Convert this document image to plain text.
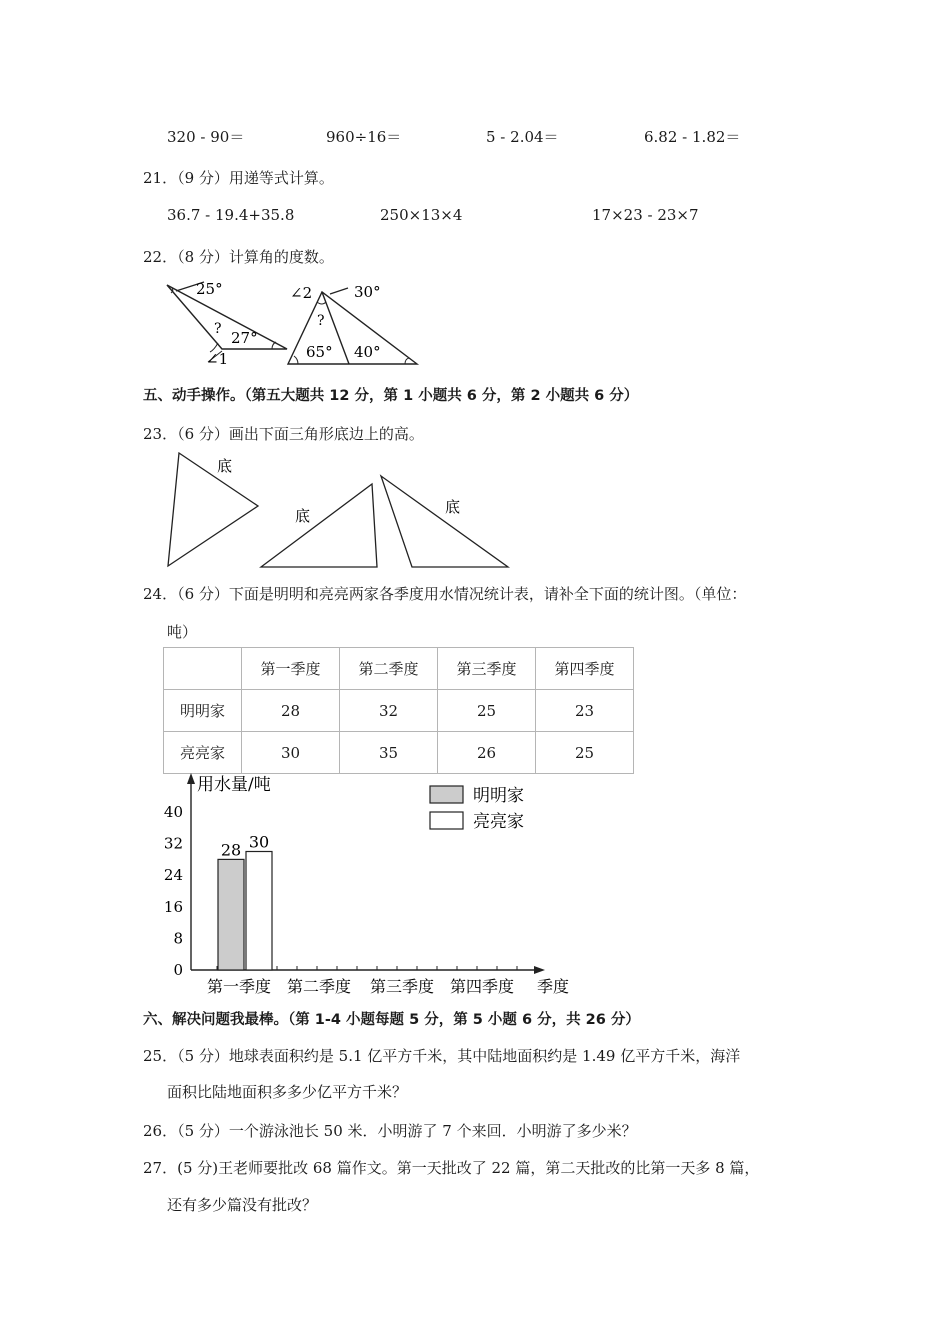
320 - 90＝	960÷16＝	5 - 2.04＝	6.82 - 1.82＝
21．（9 分）用递等式计算。
36.7 - 19.4+35.8	250×13×4	17×23 - 23×7
22．（8 分）计算角的度数。
25°
27°
?
∠1
∠2	30°
?
65° 40°
五、动手操作。（第五大题共 12 分，第 1 小题共 6 分，第 2 小题共 6 分）
23．（6 分）画出下面三角形底边上的高。
底
底	底
24．（6 分）下面是明明和亮亮两家各季度用水情况统计表，请补全下面的统计图。（单位：
吨）
	第一季度	第二季度	第三季度	第四季度
明明家	28	32	25	23
亮亮家	30	35	26	25
0
8
16
24
32
40
第一季度 第二季度 第三季度 第四季度 季度
用水量/吨
28 30
明明家
亮亮家
六、解决问题我最棒。（第 1-4 小题每题 5 分，第 5 小题 6 分，共 26 分）
25．（5 分）地球表面积约是 5.1 亿平方千米，其中陆地面积约是 1.49 亿平方千米，海洋
面积比陆地面积多多少亿平方千米？
26．（5 分）一个游泳池长 50 米．小明游了 7 个来回．小明游了多少米？
27．(5 分)王老师要批改 68 篇作文。第一天批改了 22 篇，第二天批改的比第一天多 8 篇，
还有多少篇没有批改？
